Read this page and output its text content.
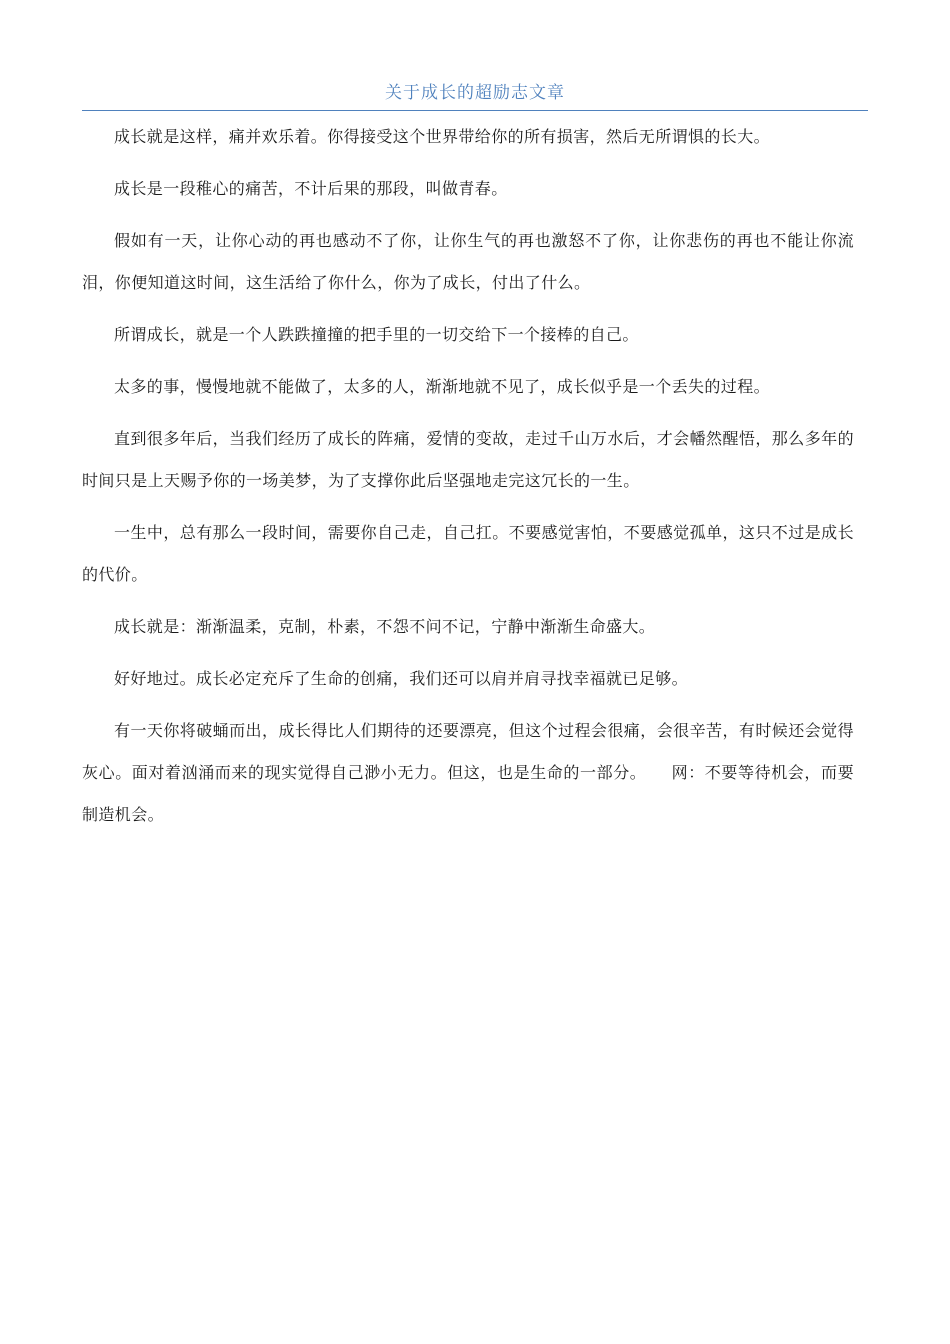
关于成长的超励志文章

成长就是这样，痛并欢乐着。你得接受这个世界带给你的所有损害，然后无所谓惧的长大。

成长是一段稚心的痛苦，不计后果的那段，叫做青春。

假如有一天，让你心动的再也感动不了你，让你生气的再也激怒不了你，让你悲伤的再也不能让你流泪，你便知道这时间，这生活给了你什么，你为了成长，付出了什么。

所谓成长，就是一个人跌跌撞撞的把手里的一切交给下一个接棒的自己。

太多的事，慢慢地就不能做了，太多的人，渐渐地就不见了，成长似乎是一个丢失的过程。

直到很多年后，当我们经历了成长的阵痛，爱情的变故，走过千山万水后，才会幡然醒悟，那么多年的时间只是上天赐予你的一场美梦，为了支撑你此后坚强地走完这冗长的一生。

一生中，总有那么一段时间，需要你自己走，自己扛。不要感觉害怕，不要感觉孤单，这只不过是成长的代价。

成长就是：渐渐温柔，克制，朴素，不怨不问不记，宁静中渐渐生命盛大。

好好地过。成长必定充斥了生命的创痛，我们还可以肩并肩寻找幸福就已足够。

有一天你将破蛹而出，成长得比人们期待的还要漂亮，但这个过程会很痛，会很辛苦，有时候还会觉得灰心。面对着汹涌而来的现实觉得自己渺小无力。但这，也是生命的一部分。　　网：不要等待机会，而要制造机会。
